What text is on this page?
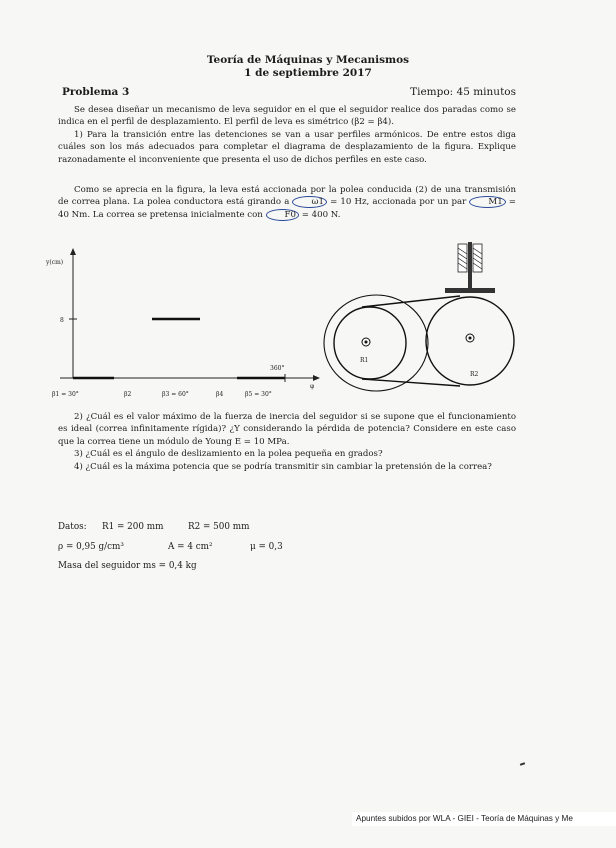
Teoría de Máquinas y Mecanismos
1 de septiembre 2017
Problema 3	Tiempo: 45 minutos
Se desea diseñar un mecanismo de leva seguidor en el que el seguidor realice dos paradas como se indica en el perfil de desplazamiento. El perfil de leva es simétrico (β2 = β4).
1) Para la transición entre las detenciones se van a usar perfiles armónicos. De entre estos diga cuáles son los más adecuados para completar el diagrama de desplazamiento de la figura. Explique razonadamente el inconveniente que presenta el uso de dichos perfiles en este caso.
Como se aprecia en la figura, la leva está accionada por la polea conducida (2) de una transmisión de correa plana. La polea conductora está girando a	ω1 = 10 Hz, accionada por un par	M1 = 40 Nm. La correa se pretensa inicialmente con	F0 = 400 N.
y(cm)
8
360°
φ
β1 = 30°	β2	β3 = 60°	β4	β5 = 30°
R1
R2
2) ¿Cuál es el valor máximo de la fuerza de inercia del seguidor si se supone que el funcionamiento es ideal (correa infinitamente rígida)? ¿Y considerando la pérdida de potencia? Considere en este caso que la correa tiene un módulo de Young E = 10 MPa.
3) ¿Cuál es el ángulo de deslizamiento en la polea pequeña en grados?
4) ¿Cuál es la máxima potencia que se podría transmitir sin cambiar la pretensión de la correa?
Datos: R1 = 200 mm	R2 = 500 mm
ρ = 0,95 g/cm³	A = 4 cm²	μ = 0,3
Masa del seguidor ms = 0,4 kg
Apuntes subidos por WLA - GIEI - Teoría de Máquinas y Me
